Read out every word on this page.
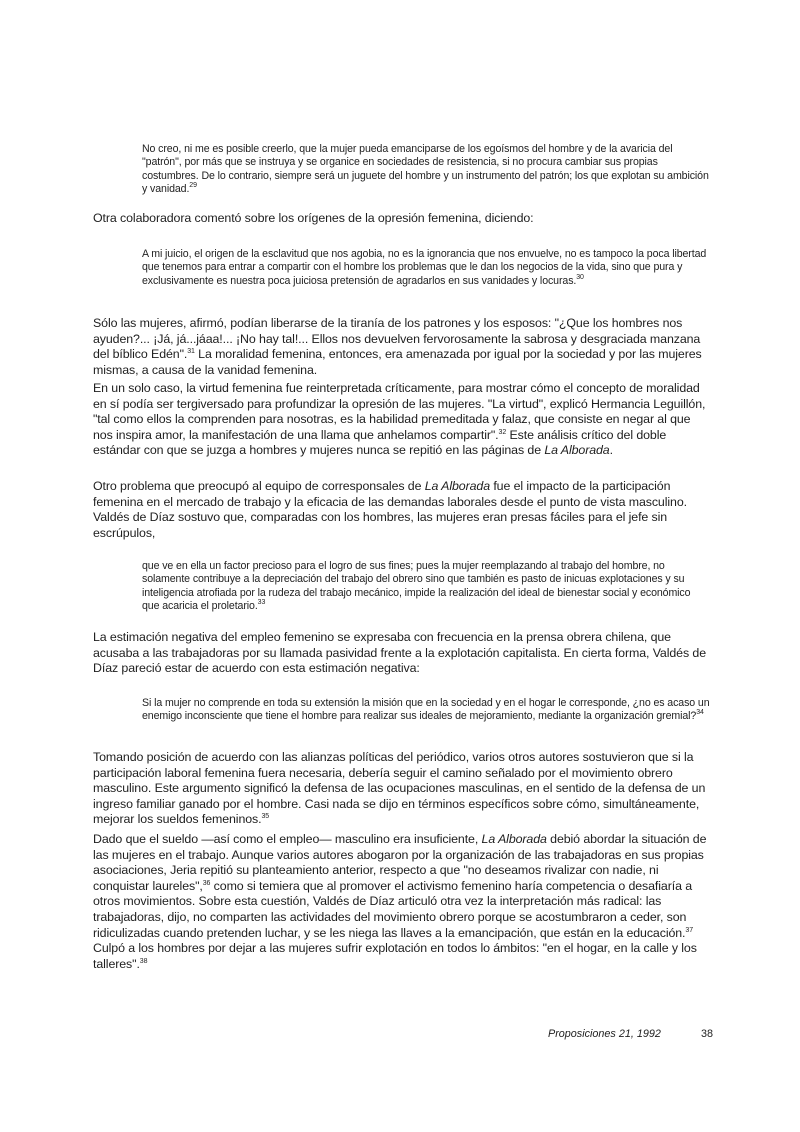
No creo, ni me es posible creerlo, que la mujer pueda emanciparse de los egoísmos del hombre y de la avaricia del "patrón", por más que se instruya y se organice en sociedades de resistencia, si no procura cambiar sus propias costumbres. De lo contrario, siempre será un juguete del hombre y un instrumento del patrón; los que explotan su ambición y vanidad.$^{29}$

Otra colaboradora comentó sobre los orígenes de la opresión femenina, diciendo:

A mi juicio, el origen de la esclavitud que nos agobia, no es la ignorancia que nos envuelve, no es tampoco la poca libertad que tenemos para entrar a compartir con el hombre los problemas que le dan los negocios de la vida, sino que pura y exclusivamente es nuestra poca juiciosa pretensión de agradarlos en sus vanidades y locuras.$^{30}$

Sólo las mujeres, afirmó, podían liberarse de la tiranía de los patrones y los esposos: "¿Que los hombres nos ayuden?... ¡Já, já...jáaa!... ¡No hay tal!... Ellos nos devuelven fervorosamente la sabrosa y desgraciada manzana del bíblico Edén".$^{31}$ La moralidad femenina, entonces, era amenazada por igual por la sociedad y por las mujeres mismas, a causa de la vanidad femenina.

En un solo caso, la virtud femenina fue reinterpretada críticamente, para mostrar cómo el concepto de moralidad en sí podía ser tergiversado para profundizar la opresión de las mujeres. "La virtud", explicó Hermancia Leguillón, "tal como ellos la comprenden para nosotras, es la habilidad premeditada y falaz, que consiste en negar al que nos inspira amor, la manifestación de una llama que anhelamos compartir".$^{32}$ Este análisis crítico del doble estándar con que se juzga a hombres y mujeres nunca se repitió en las páginas de La Alborada.

Otro problema que preocupó al equipo de corresponsales de La Alborada fue el impacto de la participación femenina en el mercado de trabajo y la eficacia de las demandas laborales desde el punto de vista masculino. Valdés de Díaz sostuvo que, comparadas con los hombres, las mujeres eran presas fáciles para el jefe sin escrúpulos,

que ve en ella un factor precioso para el logro de sus fines; pues la mujer reemplazando al trabajo del hombre, no solamente contribuye a la depreciación del trabajo del obrero sino que también es pasto de inicuas explotaciones y su inteligencia atrofiada por la rudeza del trabajo mecánico, impide la realización del ideal de bienestar social y económico que acaricia el proletario.$^{33}$

La estimación negativa del empleo femenino se expresaba con frecuencia en la prensa obrera chilena, que acusaba a las trabajadoras por su llamada pasividad frente a la explotación capitalista. En cierta forma, Valdés de Díaz pareció estar de acuerdo con esta estimación negativa:

Si la mujer no comprende en toda su extensión la misión que en la sociedad y en el hogar le corresponde, ¿no es acaso un enemigo inconsciente que tiene el hombre para realizar sus ideales de mejoramiento, mediante la organización gremial?$^{34}$

Tomando posición de acuerdo con las alianzas políticas del periódico, varios otros autores sostuvieron que si la participación laboral femenina fuera necesaria, debería seguir el camino señalado por el movimiento obrero masculino. Este argumento significó la defensa de las ocupaciones masculinas, en el sentido de la defensa de un ingreso familiar ganado por el hombre. Casi nada se dijo en términos específicos sobre cómo, simultáneamente, mejorar los sueldos femeninos.$^{35}$

Dado que el sueldo —así como el empleo— masculino era insuficiente, La Alborada debió abordar la situación de las mujeres en el trabajo. Aunque varios autores abogaron por la organización de las trabajadoras en sus propias asociaciones, Jeria repitió su planteamiento anterior, respecto a que "no deseamos rivalizar con nadie, ni conquistar laureles",$^{36}$ como si temiera que al promover el activismo femenino haría competencia o desafiaría a otros movimientos. Sobre esta cuestión, Valdés de Díaz articuló otra vez la interpretación más radical: las trabajadoras, dijo, no comparten las actividades del movimiento obrero porque se acostumbraron a ceder, son ridiculizadas cuando pretenden luchar, y se les niega las llaves a la emancipación, que están en la educación.$^{37}$ Culpó a los hombres por dejar a las mujeres sufrir explotación en todos lo ámbitos: "en el hogar, en la calle y los talleres".$^{38}$

Proposiciones 21, 1992	38
